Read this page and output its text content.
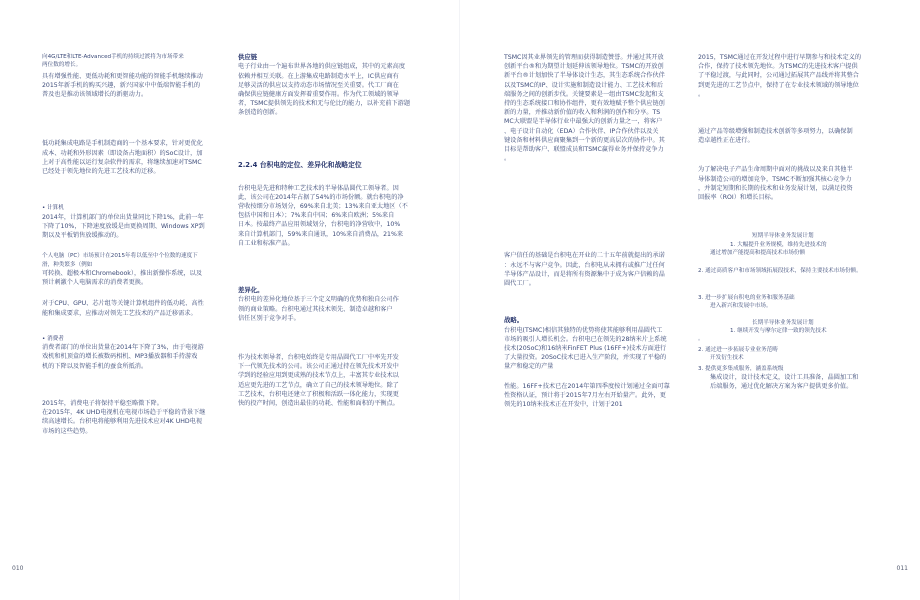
向4G/LTE和LTE-Advanced手机的持续过渡将为市场带来

两位数的增长。

具有增强性能、更低功耗和更智能功能的智能手机继续推动

2015年新手机的购买兴趣，新兴国家中中低端智能手机的

普及也是推动该领域增长的新驱动力。

低功耗集成电路是手机制造商的一个基本要求，针对更优化

成本、功耗和外形因素（即设备占地面积）的SoC设计，加

上对于高性能以运行复杂软件的需求，将继续加速对TSMC

已经处于领先地位的先进工艺技术的迁移。

• 计算机

2014年，计算机部门的单位出货量同比下降1%，此前一年

下降了10%，下降速度放缓是由更换周期、Windows XP到

期以及平板销售放缓推动的。

个人电脑（PC）市场预计在2015年将以低至中个位数的速度下

滑，种类繁多（例如

可转换、超极本和Chromebook），推出新操作系统，以及

预计刺激个人电脑需求的消费者更换。

对于CPU、GPU、芯片组等关键计算机组件的低功耗、高性

能和集成要求，应推动对领先工艺技术的产品迁移需求。

• 消费者

消费者部门的单位出货量在2014年下降了3%，由于电视游

戏机和机顶盒的增长被数码相机、MP3播放器和手持游戏

机的下降以及智能手机的蚕食所抵消。

2015年，消费电子将保持平稳至略微下降。

在2015年，4K UHD电视机在电视市场趋于平稳的背景下继

续高速增长。台积电将能够利用先进技术应对4K UHD电视

市场的这些趋势。

供应链

电子行业由一个遍布世界各地的供应链组成，其中的元素高度

依赖并相互关联。在上游集成电路制造水平上，IC供应商有

足够灵活的供应以支持动态市场情况至关重要。代工厂商在

确保供应链健康方面发挥着重要作用。作为代工领域的领导

者，TSMC提供领先的技术和无与伦比的能力，以补充前下游题

条创造的创新。

2.2.4 台积电的定位、差异化和战略定位

台积电是先进和特种工艺技术的半导体晶圆代工领导者。因

此，该公司在2014年占据了54%的市场份额。就台积电的净

营收按细分市场划分，69%来自北美；13%来自亚太地区（不

包括中国和日本）；7%来自中国；6%来自欧洲；5%来自

日本。按最终产品应用领域划分，台积电的净营收中，10%

来自计算机部门，59%来自通讯，10%来自消费品，21%来

自工业和标准产品。

差异化。

台积电的差异化地位基于三个定义明确的优势和独自公司作

领的商业策略。台积电通过其技术领先、制造卓越和客户

信任区别于竞争对手。

作为技术领导者，台积电始终是专用晶圆代工厂中率先开发

下一代领先技术的公司。该公司正通过持在领先技术开发中

学到的经验应用到更成熟的技术节点上，丰富其专业技术以

适应更先进的工艺节点，确立了自己的技术领导地位。除了

工艺技术，台积电还建立了积极和活跃一体化能力，实现更

快的投产时间，创造出最佳的功耗、性能和面积的平衡点。

010

TSMC因其业界领先的管理而获得制造赞誉。并通过其开放

创新平台®和为期望计划延伸该领导地位。TSMC的开放创

新平台®计划加快了半导体设计生态，其生态系统合作伙伴

以及TSMC的IP、设计实施和制造设计能力、工艺技术和后

端服务之间的创新步伐。关键要素是一组由TSMC发起和支

持的生态系统接口和协作组件，更有效地赋予整个供应链创

新的力量，并推动新价值的收入和利润的创作和分享。TS

MC大联盟是半导体行业中最强大的创新力量之一，将客户

、电子设计自动化（EDA）合作伙伴、IP合作伙伴以及关

键设备和材料供应商聚集到一个新的更高层次的协作中。其

目标是帮助客户、联盟成员和TSMC赢得业务并保持竞争力

。

客户信任的基础是台积电在开业的二十五年前就提出的承诺

：永远不与客户竞争。因此，台积电从未拥有或推广过任何

半导体产品设计，而是将所有资源集中于成为客户信赖的晶

圆代工厂。

战略。

台积电(TSMC)相信其独特的优势将使其能够利用晶圆代工

市场的吸引人增长机会。台积电已在领先的28纳米片上系统

技术(20SoC)和16纳米FinFET Plus (16FF+)技术方面进行

了大量投资。20SoC技术已进入生产阶段，并实现了平稳的

量产和稳定的产量

性能。16FF+技术已在2014年第四季度按计划通过全面可靠

性资格认证，预计将于2015年7月左右开始量产。此外，更

领先的10纳米技术正在开发中，计划于201

2015，TSMC通过在开发过程中进行早期参与和技术定义的

合作，保持了技术领先地位。为TSMC的先进技术客户提供

了平稳过渡，与此同时，公司通过拓展其产品线并将其整合

到更先进的工艺节点中，保持了在专业技术领域的领导地位

。

通过产品等级增强和制造技术创新等多项努力，以确保制

造卓越性正在进行。

为了解决电子产品生命周期中面对的挑战以及来自其他半

导体制造公司的增加竞争，TSMC不断加强其核心竞争力

，并制定短期和长期的技术和业务发展计划，以满足投资

回报率（ROI）和增长目标。

短期半导体业务发展计划

1. 大幅提升业务规模，维持先进技术的

通过增加产能提高和提高技术市场份额

2. 通过高质客户和市场领域拓展段技术，保持主要技术市场份额。

3. 进一步扩展台积电的业务和服务基础

进入新兴和发展中市场。

长期半导体业务发展计划

1. 继续开发与摩尔定律一致的领先技术

。

2. 通过进一步拓展专业业务范畴

开发衍生技术

3. 提供更多集成服务，涵盖系统级

集成设计，设计技术定义，设计工具准备，晶圆加工和

后端服务，通过优化解决方案为客户提供更多价值。

011
